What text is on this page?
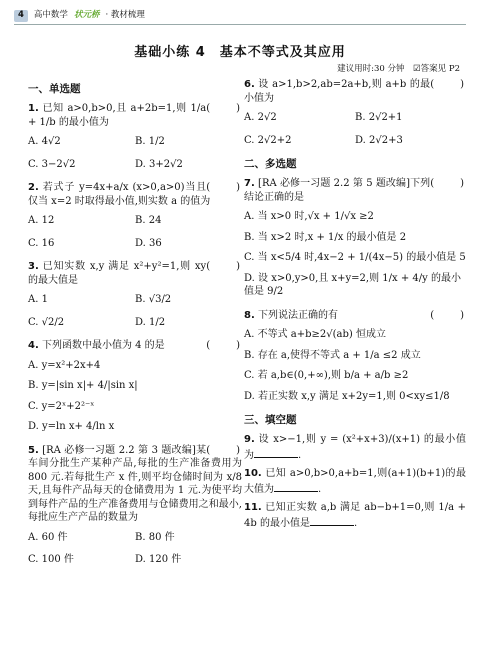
4	高中数学 状元桥 · 教材梳理
基础小练 4　基本不等式及其应用
建议用时:30 分钟　☑答案见 P2
一、单选题
(　　)
1. 已知 a>0,b>0,且 a+2b=1,则 1/a + 1/b 的最小值为
A. 4√2	B. 1/2
C. 3−2√2	D. 3+2√2
(　　)
2. 若式子 y=4x+a/x (x>0,a>0)当且仅当 x=2 时取得最小值,则实数 a 的值为
A. 12	B. 24
C. 16	D. 36
(　　)
3. 已知实数 x,y 满足 x²+y²=1,则 xy 的最大值是
A. 1	B. √3/2
C. √2/2	D. 1/2
(　　)
4. 下列函数中最小值为 4 的是
A. y=x²+2x+4
B. y=|sin x|+ 4/|sin x|
C. y=2ˣ+2²⁻ˣ
D. y=ln x+ 4/ln x
(　　)
5. [RA 必修一习题 2.2 第 3 题改编]某车间分批生产某种产品,每批的生产准备费用为 800 元.若每批生产 x 件,则平均仓储时间为 x/8 天,且每件产品每天的仓储费用为 1 元.为使平均到每件产品的生产准备费用与仓储费用之和最小,每批应生产产品的数量为
A. 60 件	B. 80 件
C. 100 件	D. 120 件
(　　)
6. 设 a>1,b>2,ab=2a+b,则 a+b 的最小值为
A. 2√2	B. 2√2+1
C. 2√2+2	D. 2√2+3
二、多选题
(　　)
7. [RA 必修一习题 2.2 第 5 题改编]下列结论正确的是
A. 当 x>0 时,√x + 1/√x ≥2
B. 当 x>2 时,x + 1/x 的最小值是 2
C. 当 x<5/4 时,4x−2 + 1/(4x−5) 的最小值是 5
D. 设 x>0,y>0,且 x+y=2,则 1/x + 4/y 的最小值是 9/2
(　　)
8. 下列说法正确的有
A. 不等式 a+b≥2√(ab) 恒成立
B. 存在 a,使得不等式 a + 1/a ≤2 成立
C. 若 a,b∈(0,+∞),则 b/a + a/b ≥2
D. 若正实数 x,y 满足 x+2y=1,则 0<xy≤1/8
三、填空题
9. 设 x>−1,则 y = (x²+x+3)/(x+1) 的最小值为	.
10. 已知 a>0,b>0,a+b=1,则(a+1)(b+1)的最大值为	.
11. 已知正实数 a,b 满足 ab−b+1=0,则 1/a + 4b 的最小值是	.
